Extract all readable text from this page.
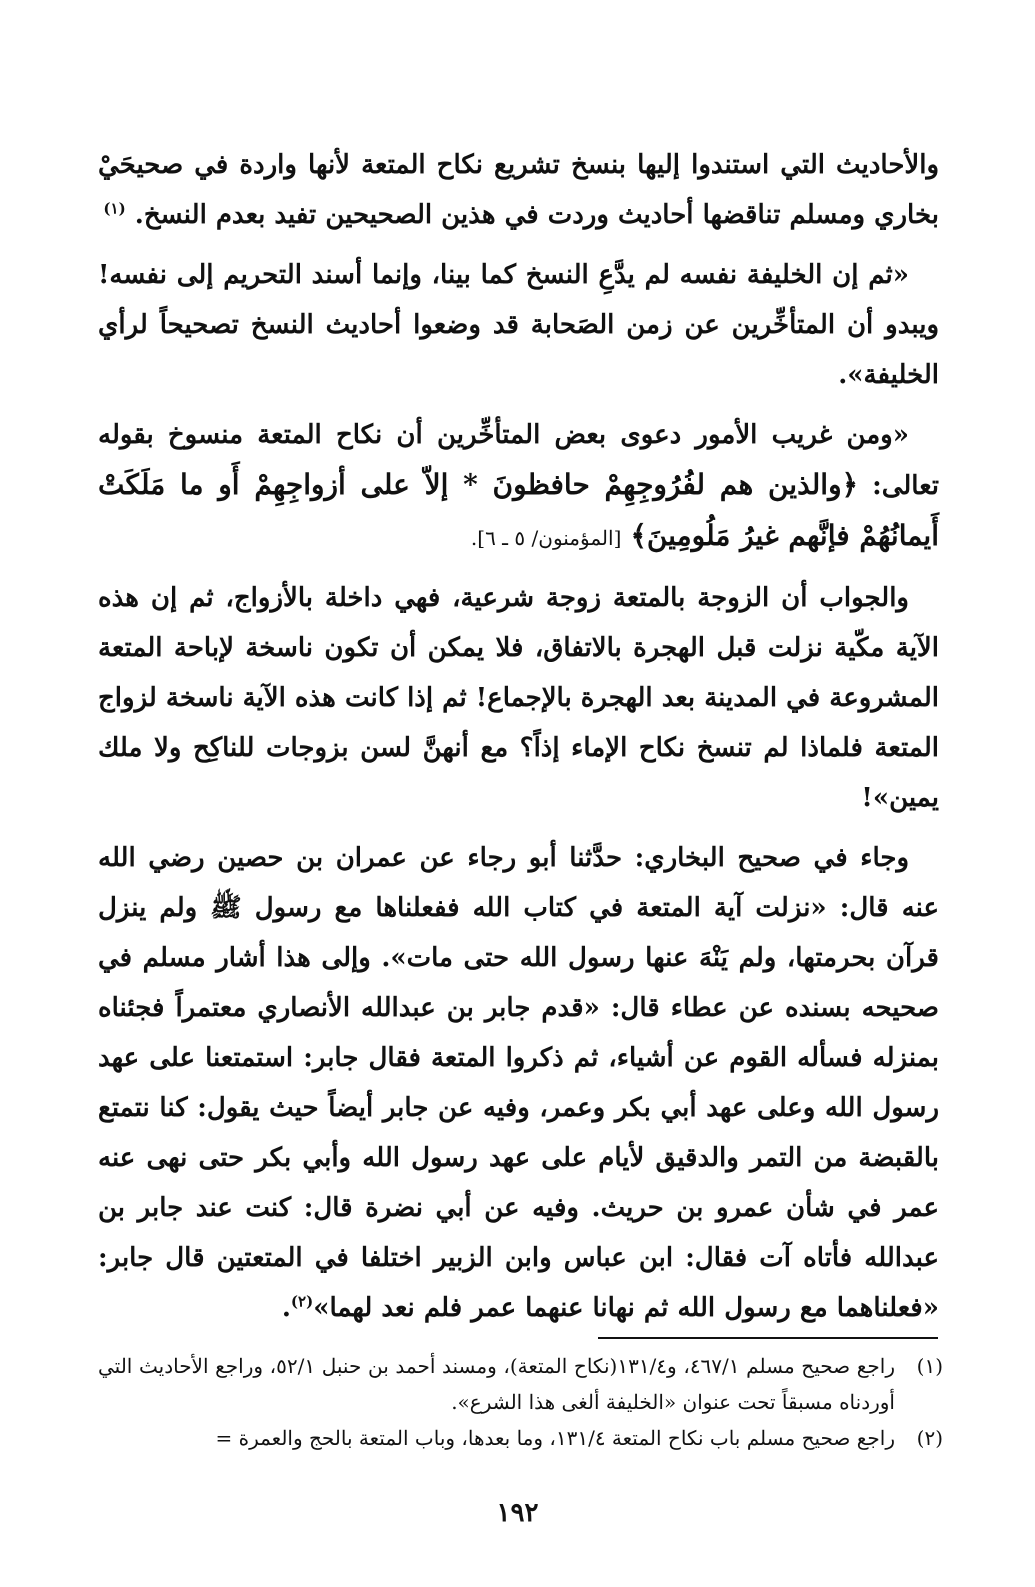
والأحاديث التي استندوا إليها بنسخ تشريع نكاح المتعة لأنها واردة في صحيحَيْ بخاري ومسلم تناقضها أحاديث وردت في هذين الصحيحين تفيد بعدم النسخ. $^{(١)}$

«ثم إن الخليفة نفسه لم يدَّعِ النسخ كما بينا، وإنما أسند التحريم إلى نفسه! ويبدو أن المتأخِّرين عن زمن الصَحابة قد وضعوا أحاديث النسخ تصحيحاً لرأي الخليفة».

«ومن غريب الأمور دعوى بعض المتأخِّرين أن نكاح المتعة منسوخ بقوله تعالى: ﴿والذين هم لفُرُوجِهِمْ حافظونَ * إلاّ على أزواجِهِمْ أَو ما مَلَكَتْ أَيمانُهُمْ فإنَّهم غيرُ مَلُومِينَ﴾ [المؤمنون/ ٥ ـ ٦].

والجواب أن الزوجة بالمتعة زوجة شرعية، فهي داخلة بالأزواج، ثم إن هذه الآية مكّية نزلت قبل الهجرة بالاتفاق، فلا يمكن أن تكون ناسخة لإباحة المتعة المشروعة في المدينة بعد الهجرة بالإجماع! ثم إذا كانت هذه الآية ناسخة لزواج المتعة فلماذا لم تنسخ نكاح الإماء إذاً؟ مع أنهنَّ لسن بزوجات للناكِح ولا ملك يمين»!

وجاء في صحيح البخاري: حدَّثنا أبو رجاء عن عمران بن حصين رضي الله عنه قال: «نزلت آية المتعة في كتاب الله ففعلناها مع رسول ﷺ ولم ينزل قرآن بحرمتها، ولم يَنْهَ عنها رسول الله حتى مات». وإلى هذا أشار مسلم في صحيحه بسنده عن عطاء قال: «قدم جابر بن عبدالله الأنصاري معتمراً فجئناه بمنزله فسأله القوم عن أشياء، ثم ذكروا المتعة فقال جابر: استمتعنا على عهد رسول الله وعلى عهد أبي بكر وعمر، وفيه عن جابر أيضاً حيث يقول: كنا نتمتع بالقبضة من التمر والدقيق لأيام على عهد رسول الله وأبي بكر حتى نهى عنه عمر في شأن عمرو بن حريث. وفيه عن أبي نضرة قال: كنت عند جابر بن عبدالله فأتاه آت فقال: ابن عباس وابن الزبير اختلفا في المتعتين قال جابر: «فعلناهما مع رسول الله ثم نهانا عنهما عمر فلم نعد لهما»$^{(٢)}$.

(١)
راجع صحيح مسلم ٤٦٧/١، و١٣١/٤(نكاح المتعة)، ومسند أحمد بن حنبل ٥٢/١، وراجع الأحاديث التي أوردناه مسبقاً تحت عنوان «الخليفة ألغى هذا الشرع».
(٢)
راجع صحيح مسلم باب نكاح المتعة ١٣١/٤، وما بعدها، وباب المتعة بالحج والعمرة =
١٩٢
